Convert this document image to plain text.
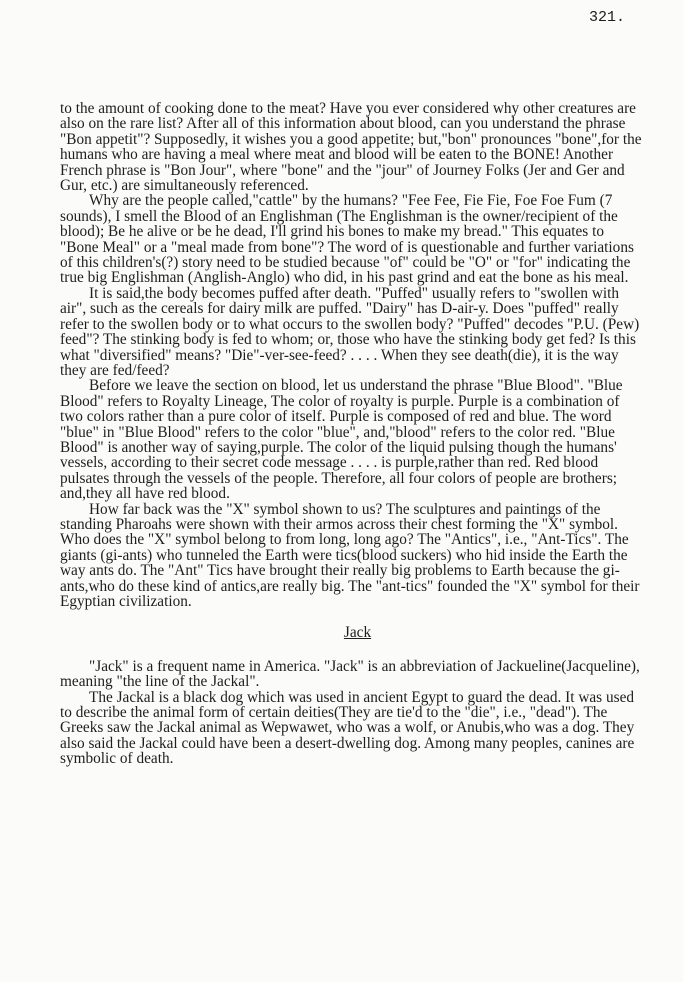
321.

to the amount of cooking done to the meat? Have you ever considered why other creatures are also on the rare list? After all of this information about blood, can you understand the phrase "Bon appetit"? Supposedly, it wishes you a good appetite; but,"bon" pronounces "bone",for the humans who are having a meal where meat and blood will be eaten to the BONE! Another French phrase is "Bon Jour", where "bone" and the "jour" of Journey Folks (Jer and Ger and Gur, etc.) are simultaneously referenced.

Why are the people called,"cattle" by the humans? "Fee Fee, Fie Fie, Foe Foe Fum (7 sounds), I smell the Blood of an Englishman (The Englishman is the owner/recipient of the blood); Be he alive or be he dead, I'll grind his bones to make my bread." This equates to "Bone Meal" or a "meal made from bone"? The word of is questionable and further variations of this children's(?) story need to be studied because "of" could be "O" or "for" indicating the true big Englishman (Anglish-Anglo) who did, in his past grind and eat the bone as his meal.

It is said,the body becomes puffed after death. "Puffed" usually refers to "swollen with air", such as the cereals for dairy milk are puffed. "Dairy" has D-air-y. Does "puffed" really refer to the swollen body or to what occurs to the swollen body? "Puffed" decodes "P.U. (Pew) feed"? The stinking body is fed to whom; or, those who have the stinking body get fed? Is this what "diversified" means? "Die"-ver-see-feed? . . . . When they see death(die), it is the way they are fed/feed?

Before we leave the section on blood, let us understand the phrase "Blue Blood". "Blue Blood" refers to Royalty Lineage, The color of royalty is purple. Purple is a combination of two colors rather than a pure color of itself. Purple is composed of red and blue. The word "blue" in "Blue Blood" refers to the color "blue", and,"blood" refers to the color red. "Blue Blood" is another way of saying,purple. The color of the liquid pulsing though the humans' vessels, according to their secret code message . . . . is purple,rather than red. Red blood pulsates through the vessels of the people. Therefore, all four colors of people are brothers; and,they all have red blood.

How far back was the "X" symbol shown to us? The sculptures and paintings of the standing Pharoahs were shown with their armos across their chest forming the "X" symbol. Who does the "X" symbol belong to from long, long ago? The "Antics", i.e., "Ant-Tics". The giants (gi-ants) who tunneled the Earth were tics(blood suckers) who hid inside the Earth the way ants do. The "Ant" Tics have brought their really big problems to Earth because the gi-ants,who do these kind of antics,are really big. The "ant-tics" founded the "X" symbol for their Egyptian civilization.

Jack

"Jack" is a frequent name in America. "Jack" is an abbreviation of Jackueline(Jacqueline), meaning "the line of the Jackal".

The Jackal is a black dog which was used in ancient Egypt to guard the dead. It was used to describe the animal form of certain deities(They are tie'd to the "die", i.e., "dead"). The Greeks saw the Jackal animal as Wepwawet, who was a wolf, or Anubis,who was a dog. They also said the Jackal could have been a desert-dwelling dog. Among many peoples, canines are symbolic of death.
